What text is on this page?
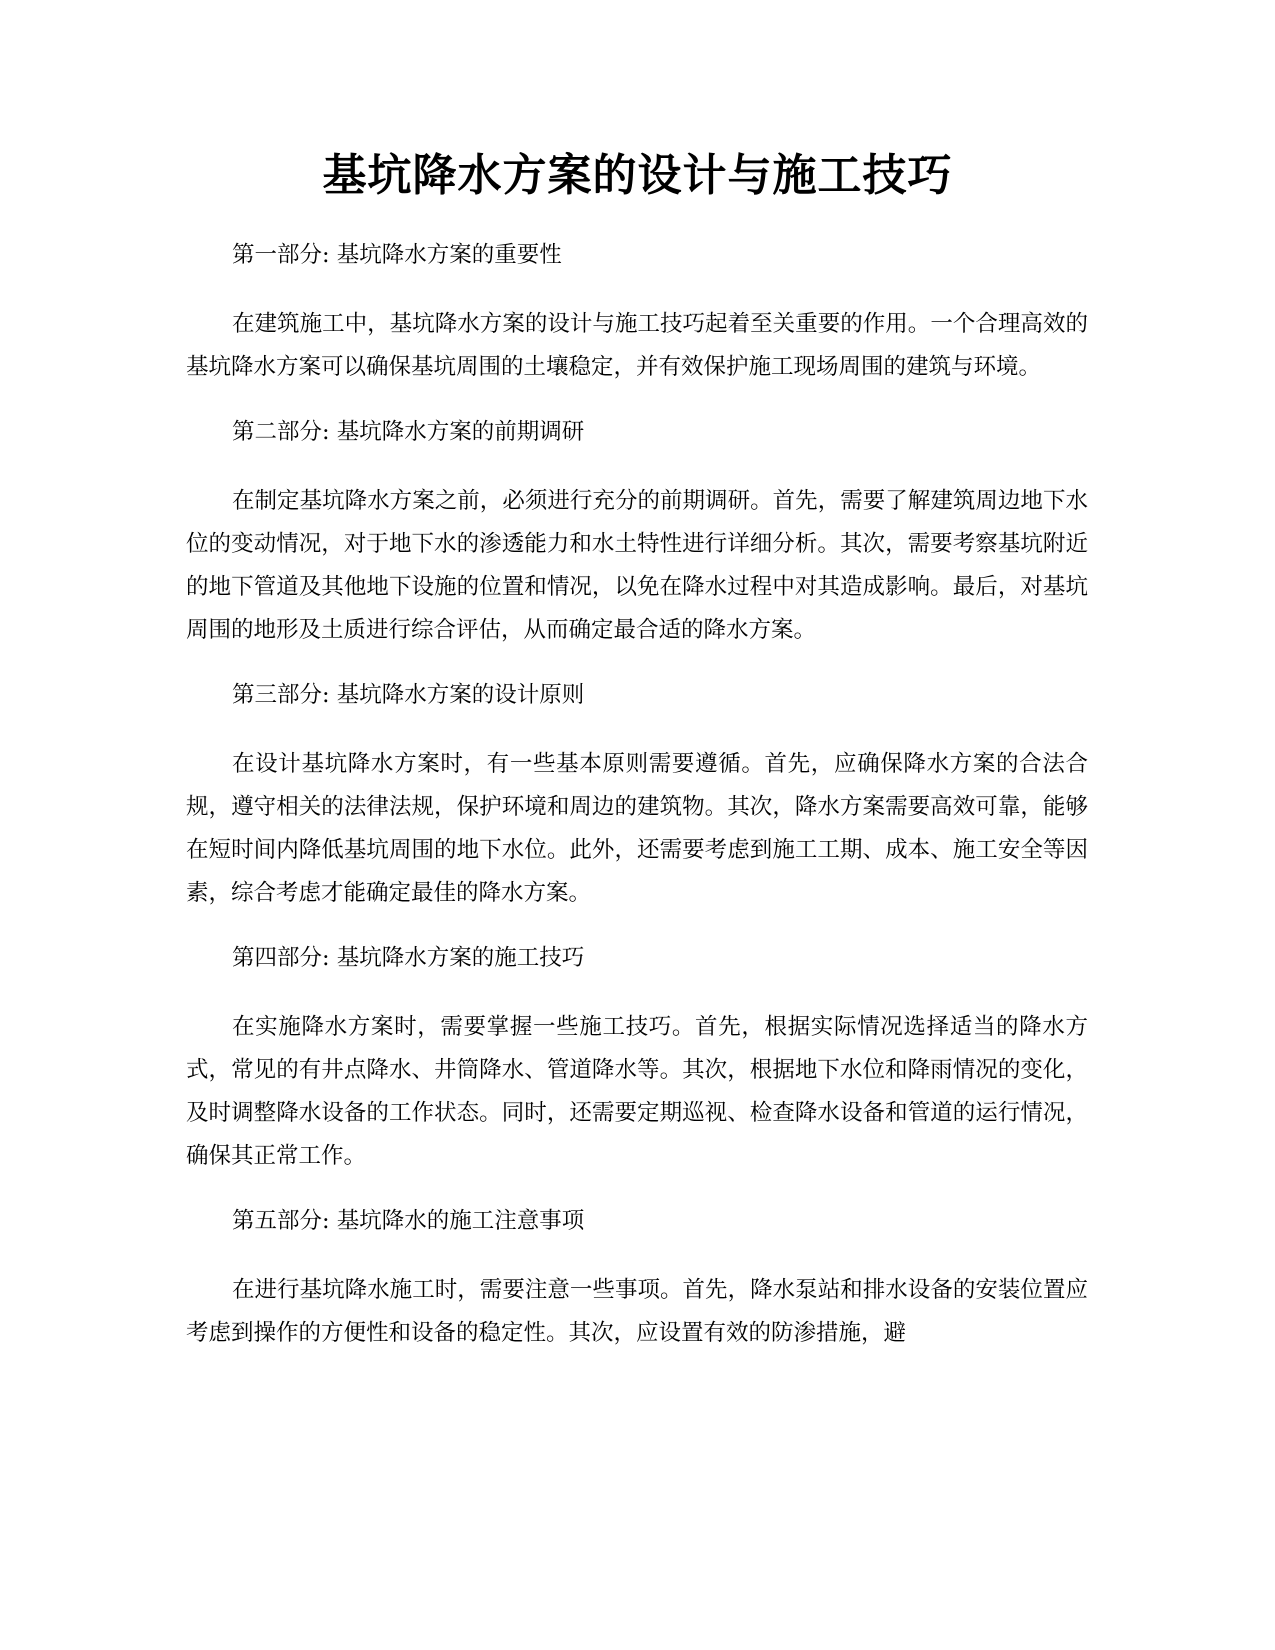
基坑降水方案的设计与施工技巧

第一部分: 基坑降水方案的重要性

在建筑施工中，基坑降水方案的设计与施工技巧起着至关重要的作用。一个合理高效的基坑降水方案可以确保基坑周围的土壤稳定，并有效保护施工现场周围的建筑与环境。

第二部分: 基坑降水方案的前期调研

在制定基坑降水方案之前，必须进行充分的前期调研。首先，需要了解建筑周边地下水位的变动情况，对于地下水的渗透能力和水土特性进行详细分析。其次，需要考察基坑附近的地下管道及其他地下设施的位置和情况，以免在降水过程中对其造成影响。最后，对基坑周围的地形及土质进行综合评估，从而确定最合适的降水方案。

第三部分: 基坑降水方案的设计原则

在设计基坑降水方案时，有一些基本原则需要遵循。首先，应确保降水方案的合法合规，遵守相关的法律法规，保护环境和周边的建筑物。其次，降水方案需要高效可靠，能够在短时间内降低基坑周围的地下水位。此外，还需要考虑到施工工期、成本、施工安全等因素，综合考虑才能确定最佳的降水方案。

第四部分: 基坑降水方案的施工技巧

在实施降水方案时，需要掌握一些施工技巧。首先，根据实际情况选择适当的降水方式，常见的有井点降水、井筒降水、管道降水等。其次，根据地下水位和降雨情况的变化，及时调整降水设备的工作状态。同时，还需要定期巡视、检查降水设备和管道的运行情况，确保其正常工作。

第五部分: 基坑降水的施工注意事项

在进行基坑降水施工时，需要注意一些事项。首先，降水泵站和排水设备的安装位置应考虑到操作的方便性和设备的稳定性。其次，应设置有效的防渗措施，避
